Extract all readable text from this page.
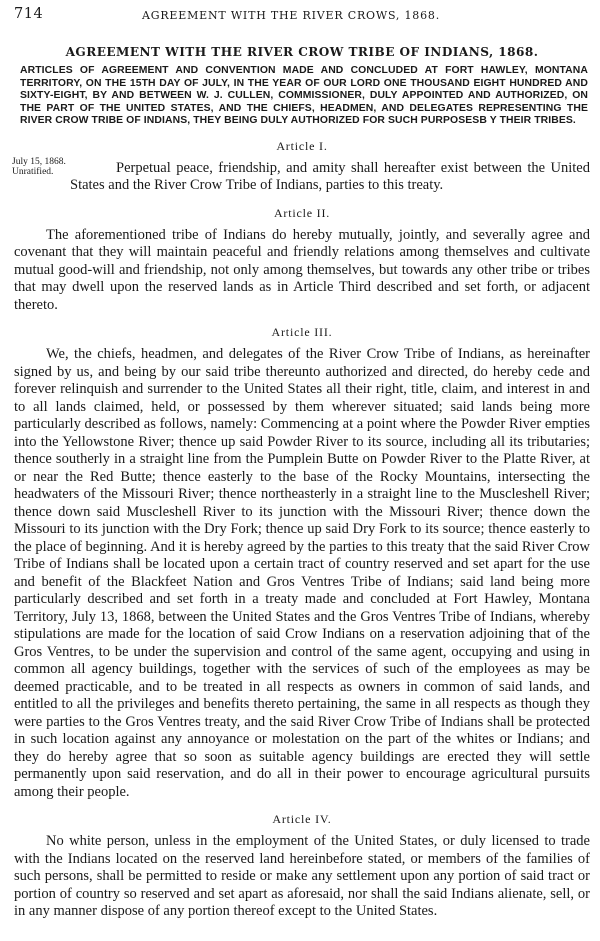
714	AGREEMENT WITH THE RIVER CROWS, 1868.
AGREEMENT WITH THE RIVER CROW TRIBE OF INDIANS, 1868.

ARTICLES OF AGREEMENT AND CONVENTION MADE AND CONCLUDED AT FORT HAWLEY, MONTANA TERRITORY, ON THE 15TH DAY OF JULY, IN THE YEAR OF OUR LORD ONE THOUSAND EIGHT HUNDRED AND SIXTY-EIGHT, BY AND BETWEEN W. J. CULLEN, COMMISSIONER, DULY APPOINTED AND AUTHORIZED, ON THE PART OF THE UNITED STATES, AND THE CHIEFS, HEADMEN, AND DELEGATES REPRESENTING THE RIVER CROW TRIBE OF INDIANS, THEY BEING DULY AUTHORIZED FOR SUCH PURPOSESB Y THEIR TRIBES.

Article I.
July 15, 1868.
Unratified.	Perpetual peace, friendship, and amity shall hereafter exist between the United States and the River Crow Tribe of Indians, parties to this treaty.

Article II.

The aforementioned tribe of Indians do hereby mutually, jointly, and severally agree and covenant that they will maintain peaceful and friendly relations among themselves and cultivate mutual good-will and friendship, not only among themselves, but towards any other tribe or tribes that may dwell upon the reserved lands as in Article Third described and set forth, or adjacent thereto.

Article III.

We, the chiefs, headmen, and delegates of the River Crow Tribe of Indians, as hereinafter signed by us, and being by our said tribe thereunto authorized and directed, do hereby cede and forever relinquish and surrender to the United States all their right, title, claim, and interest in and to all lands claimed, held, or possessed by them wherever situated; said lands being more particularly described as follows, namely: Commencing at a point where the Powder River empties into the Yellowstone River; thence up said Powder River to its source, including all its tributaries; thence southerly in a straight line from the Pumplein Butte on Powder River to the Platte River, at or near the Red Butte; thence easterly to the base of the Rocky Mountains, intersecting the headwaters of the Missouri River; thence northeasterly in a straight line to the Muscleshell River; thence down said Muscleshell River to its junction with the Missouri River; thence down the Missouri to its junction with the Dry Fork; thence up said Dry Fork to its source; thence easterly to the place of beginning. And it is hereby agreed by the parties to this treaty that the said River Crow Tribe of Indians shall be located upon a certain tract of country reserved and set apart for the use and benefit of the Blackfeet Nation and Gros Ventres Tribe of Indians; said land being more particularly described and set forth in a treaty made and concluded at Fort Hawley, Montana Territory, July 13, 1868, between the United States and the Gros Ventres Tribe of Indians, whereby stipulations are made for the location of said Crow Indians on a reservation adjoining that of the Gros Ventres, to be under the supervision and control of the same agent, occupying and using in common all agency buildings, together with the services of such of the employees as may be deemed practicable, and to be treated in all respects as owners in common of said lands, and entitled to all the privileges and benefits thereto pertaining, the same in all respects as though they were parties to the Gros Ventres treaty, and the said River Crow Tribe of Indians shall be protected in such location against any annoyance or molestation on the part of the whites or Indians; and they do hereby agree that so soon as suitable agency buildings are erected they will settle permanently upon said reservation, and do all in their power to encourage agricultural pursuits among their people.

Article IV.

No white person, unless in the employment of the United States, or duly licensed to trade with the Indians located on the reserved land hereinbefore stated, or members of the families of such persons, shall be permitted to reside or make any settlement upon any portion of said tract or portion of country so reserved and set apart as aforesaid, nor shall the said Indians alienate, sell, or in any manner dispose of any portion thereof except to the United States.
